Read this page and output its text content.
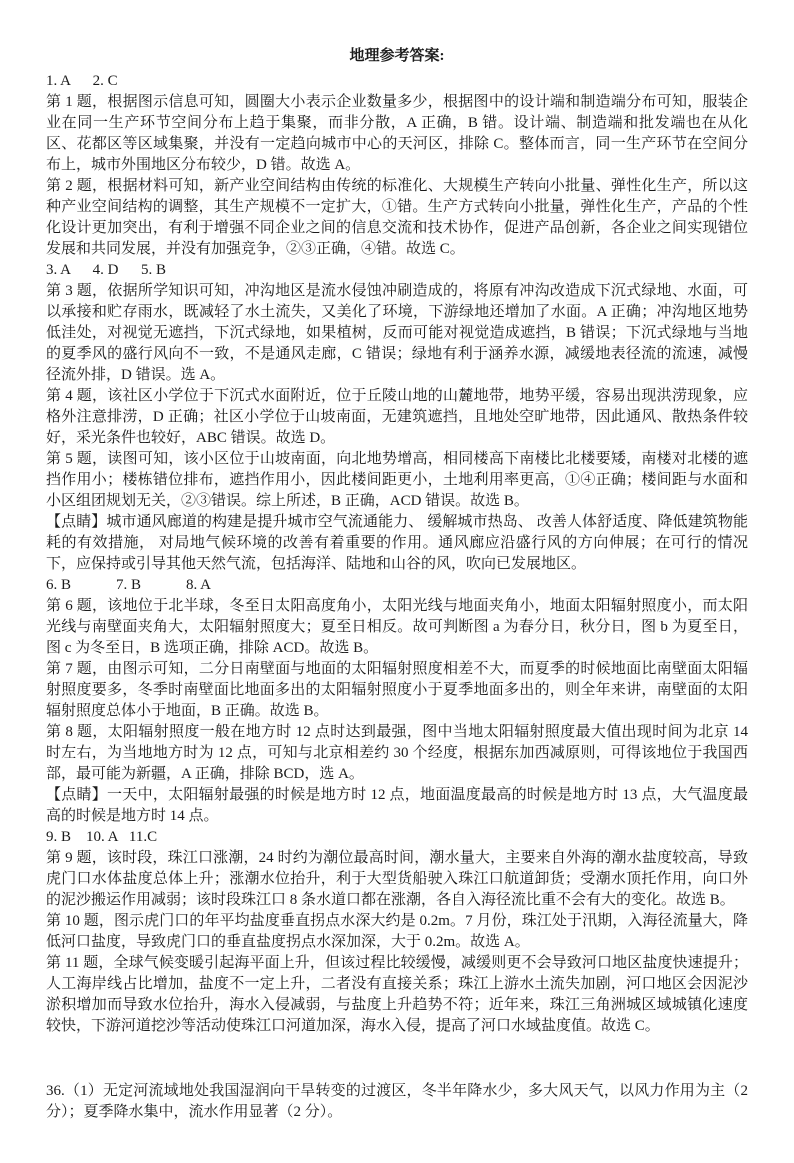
地理参考答案:

1. A      2. C

第 1 题，根据图示信息可知，圆圈大小表示企业数量多少，根据图中的设计端和制造端分布可知，服装企业在同一生产环节空间分布上趋于集聚，而非分散，A 正确，B 错。设计端、制造端和批发端也在从化区、花都区等区域集聚，并没有一定趋向城市中心的天河区，排除 C。整体而言，同一生产环节在空间分布上，城市外围地区分布较少，D 错。故选 A。

第 2 题，根据材料可知，新产业空间结构由传统的标准化、大规模生产转向小批量、弹性化生产，所以这种产业空间结构的调整，其生产规模不一定扩大，①错。生产方式转向小批量，弹性化生产，产品的个性化设计更加突出，有利于增强不同企业之间的信息交流和技术协作，促进产品创新，各企业之间实现错位发展和共同发展，并没有加强竞争，②③正确，④错。故选 C。

3. A      4. D      5. B

第 3 题，依据所学知识可知，冲沟地区是流水侵蚀冲刷造成的，将原有冲沟改造成下沉式绿地、水面，可以承接和贮存雨水，既减轻了水土流失，又美化了环境，下游绿地还增加了水面。A 正确；冲沟地区地势低洼处，对视觉无遮挡，下沉式绿地，如果植树，反而可能对视觉造成遮挡，B 错误；下沉式绿地与当地的夏季风的盛行风向不一致，不是通风走廊，C 错误；绿地有利于涵养水源，减缓地表径流的流速，减慢径流外排，D 错误。选 A。

第 4 题，该社区小学位于下沉式水面附近，位于丘陵山地的山麓地带，地势平缓，容易出现洪涝现象，应格外注意排涝，D 正确；社区小学位于山坡南面，无建筑遮挡，且地处空旷地带，因此通风、散热条件较好，采光条件也较好，ABC 错误。故选 D。

第 5 题，读图可知，该小区位于山坡南面，向北地势增高，相同楼高下南楼比北楼要矮，南楼对北楼的遮挡作用小；楼栋错位排布，遮挡作用小，因此楼间距更小，土地利用率更高，①④正确；楼间距与水面和小区组团规划无关，②③错误。综上所述，B 正确，ACD 错误。故选 B。

【点睛】城市通风廊道的构建是提升城市空气流通能力、 缓解城市热岛、 改善人体舒适度、降低建筑物能耗的有效措施， 对局地气候环境的改善有着重要的作用。通风廊应沿盛行风的方向伸展；在可行的情况下，应保持或引导其他天然气流，包括海洋、陆地和山谷的风，吹向已发展地区。

6. B            7. B            8. A

第 6 题，该地位于北半球，冬至日太阳高度角小，太阳光线与地面夹角小，地面太阳辐射照度小，而太阳光线与南壁面夹角大，太阳辐射照度大；夏至日相反。故可判断图 a 为春分日，秋分日，图 b 为夏至日，图 c 为冬至日，B 选项正确，排除 ACD。故选 B。

第 7 题，由图示可知，二分日南壁面与地面的太阳辐射照度相差不大，而夏季的时候地面比南壁面太阳辐射照度要多，冬季时南壁面比地面多出的太阳辐射照度小于夏季地面多出的，则全年来讲，南壁面的太阳辐射照度总体小于地面，B 正确。故选 B。

第 8 题，太阳辐射照度一般在地方时 12 点时达到最强，图中当地太阳辐射照度最大值出现时间为北京 14 时左右，为当地地方时为 12 点，可知与北京相差约 30 个经度，根据东加西减原则，可得该地位于我国西部，最可能为新疆，A 正确，排除 BCD，选 A。

【点睛】一天中，太阳辐射最强的时候是地方时 12 点，地面温度最高的时候是地方时 13 点，大气温度最高的时候是地方时 14 点。

9. B    10. A   11.C

第 9 题，该时段，珠江口涨潮，24 时约为潮位最高时间，潮水量大，主要来自外海的潮水盐度较高，导致虎门口水体盐度总体上升；涨潮水位抬升，利于大型货船驶入珠江口航道卸货；受潮水顶托作用，向口外的泥沙搬运作用减弱；该时段珠江口 8 条水道口都在涨潮，各自入海径流比重不会有大的变化。故选 B。

第 10 题，图示虎门口的年平均盐度垂直拐点水深大约是 0.2m。7 月份，珠江处于汛期，入海径流量大，降低河口盐度，导致虎门口的垂直盐度拐点水深加深，大于 0.2m。故选 A。

第 11 题，全球气候变暖引起海平面上升，但该过程比较缓慢，减缓则更不会导致河口地区盐度快速提升；人工海岸线占比增加，盐度不一定上升，二者没有直接关系；珠江上游水土流失加剧，河口地区会因泥沙淤积增加而导致水位抬升，海水入侵减弱，与盐度上升趋势不符；近年来，珠江三角洲城区域城镇化速度较快，下游河道挖沙等活动使珠江口河道加深，海水入侵，提高了河口水域盐度值。故选 C。

36.（1）无定河流域地处我国湿润向干旱转变的过渡区，冬半年降水少，多大风天气，以风力作用为主（2 分）；夏季降水集中，流水作用显著（2 分）。
